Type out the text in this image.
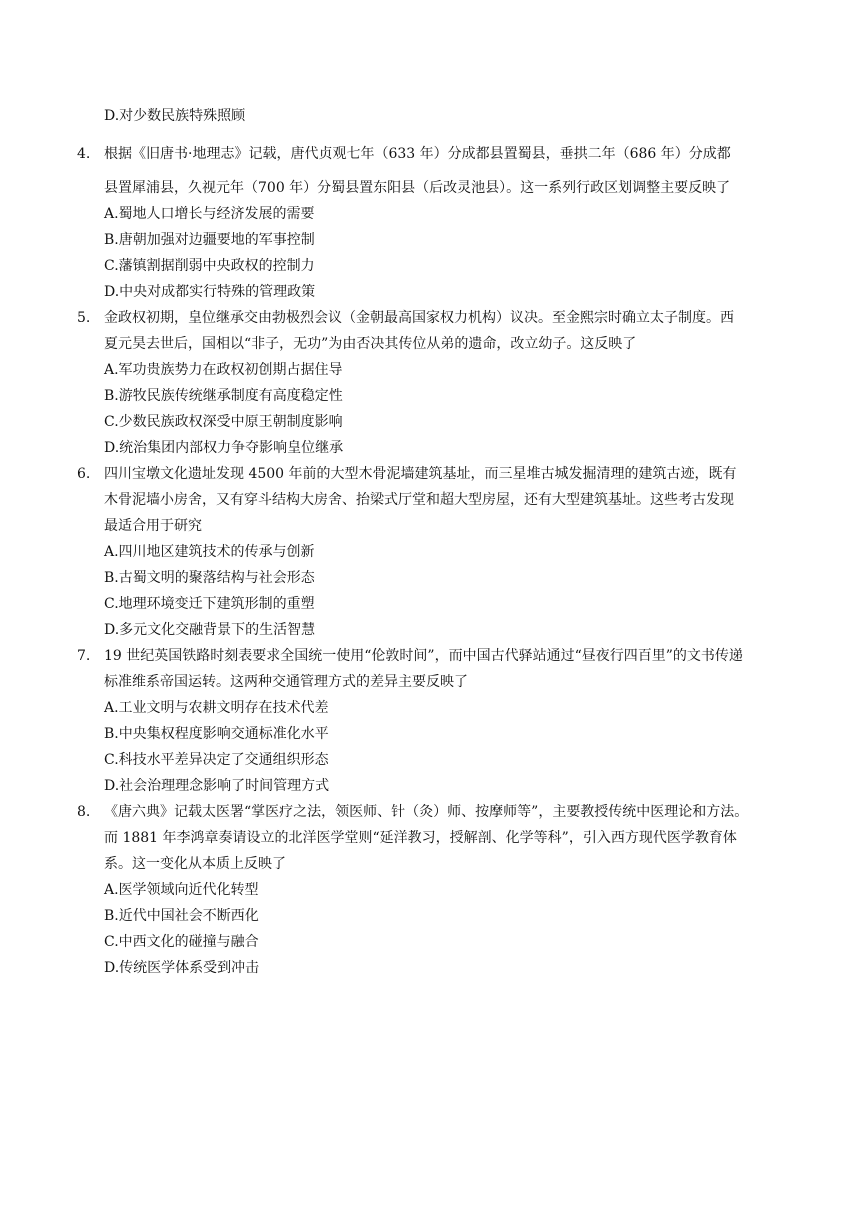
D.对少数民族特殊照顾
4. 根据《旧唐书·地理志》记载，唐代贞观七年（633 年）分成都县置蜀县，垂拱二年（686 年）分成都
县置犀浦县，久视元年（700 年）分蜀县置东阳县（后改灵池县）。这一系列行政区划调整主要反映了
A.蜀地人口增长与经济发展的需要
B.唐朝加强对边疆要地的军事控制
C.藩镇割据削弱中央政权的控制力
D.中央对成都实行特殊的管理政策
5. 金政权初期，皇位继承交由勃极烈会议（金朝最高国家权力机构）议决。至金熙宗时确立太子制度。西
夏元昊去世后，国相以“非子，无功”为由否决其传位从弟的遗命，改立幼子。这反映了
A.军功贵族势力在政权初创期占据住导
B.游牧民族传统继承制度有高度稳定性
C.少数民族政权深受中原王朝制度影响
D.统治集团内部权力争夺影响皇位继承
6. 四川宝墩文化遗址发现 4500 年前的大型木骨泥墙建筑基址，而三星堆古城发掘清理的建筑古迹，既有
木骨泥墙小房舍，又有穿斗结构大房舍、抬梁式厅堂和超大型房屋，还有大型建筑基址。这些考古发现
最适合用于研究
A.四川地区建筑技术的传承与创新
B.古蜀文明的聚落结构与社会形态
C.地理环境变迁下建筑形制的重塑
D.多元文化交融背景下的生活智慧
7. 19 世纪英国铁路时刻表要求全国统一使用“伦敦时间”，而中国古代驿站通过“昼夜行四百里”的文书传递
标准维系帝国运转。这两种交通管理方式的差异主要反映了
A.工业文明与农耕文明存在技术代差
B.中央集权程度影响交通标准化水平
C.科技水平差异决定了交通组织形态
D.社会治理理念影响了时间管理方式
8. 《唐六典》记载太医署“掌医疗之法，领医师、针（灸）师、按摩师等”，主要教授传统中医理论和方法。
而 1881 年李鸿章奏请设立的北洋医学堂则“延洋教习，授解剖、化学等科”，引入西方现代医学教育体
系。这一变化从本质上反映了
A.医学领域向近代化转型
B.近代中国社会不断西化
C.中西文化的碰撞与融合
D.传统医学体系受到冲击
